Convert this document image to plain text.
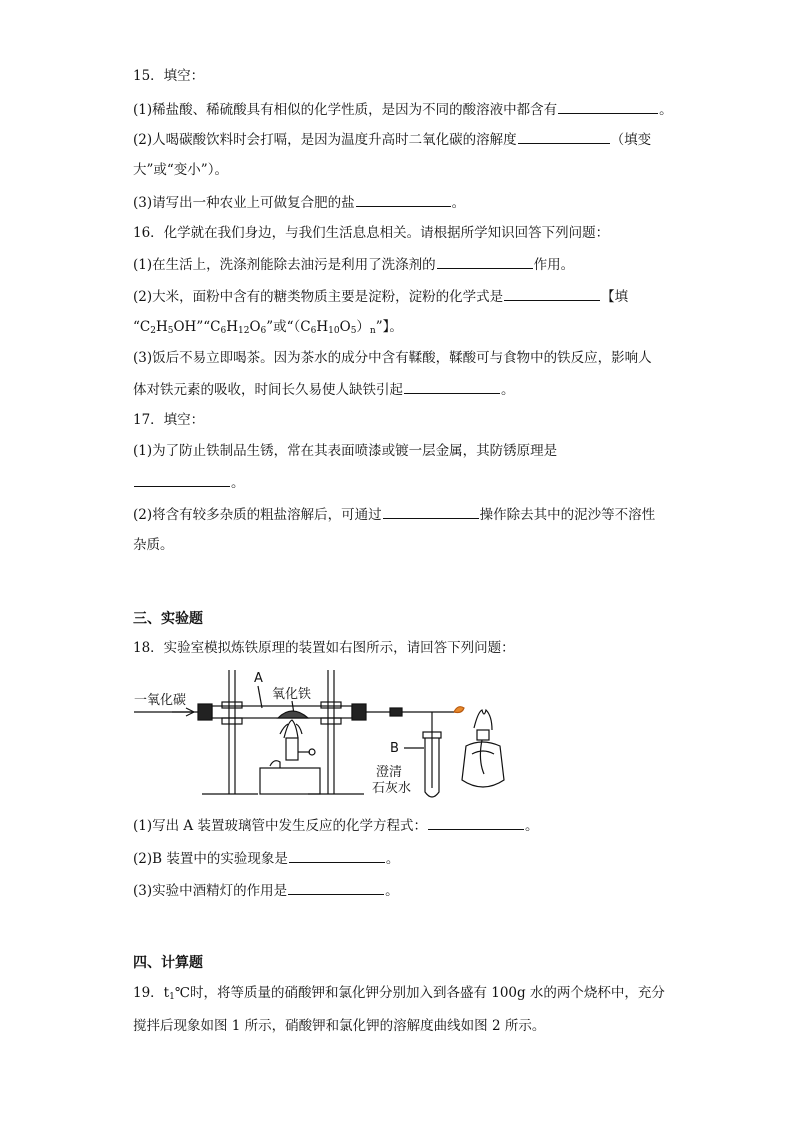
15．填空：
(1)稀盐酸、稀硫酸具有相似的化学性质，是因为不同的酸溶液中都含有	。
(2)人喝碳酸饮料时会打嗝，是因为温度升高时二氧化碳的溶解度	（填变
大”或“变小”）。
(3)请写出一种农业上可做复合肥的盐	。
16．化学就在我们身边，与我们生活息息相关。请根据所学知识回答下列问题：
(1)在生活上，洗涤剂能除去油污是利用了洗涤剂的	作用。
(2)大米，面粉中含有的糖类物质主要是淀粉，淀粉的化学式是	【填
“$C_2H_5OH”“C_6H_{12}O_6$”或“$(C_6H_{10}O_5)_n$”】。
(3)饭后不易立即喝茶。因为茶水的成分中含有鞣酸，鞣酸可与食物中的铁反应，影响人
体对铁元素的吸收，时间长久易使人缺铁引起	。
17．填空：
(1)为了防止铁制品生锈，常在其表面喷漆或镀一层金属，其防锈原理是
。
(2)将含有较多杂质的粗盐溶解后，可通过	操作除去其中的泥沙等不溶性
杂质。
三、实验题
18．实验室模拟炼铁原理的装置如右图所示，请回答下列问题：
一氧化碳
A
氧化铁
B
澄清
石灰水
(1)写出 A 装置玻璃管中发生反应的化学方程式：	。
(2)B 装置中的实验现象是	。
(3)实验中酒精灯的作用是	。
四、计算题
19．$t_1℃$时，将等质量的硝酸钾和氯化钾分别加入到各盛有 100g 水的两个烧杯中，充分
搅拌后现象如图 1 所示，硝酸钾和氯化钾的溶解度曲线如图 2 所示。
